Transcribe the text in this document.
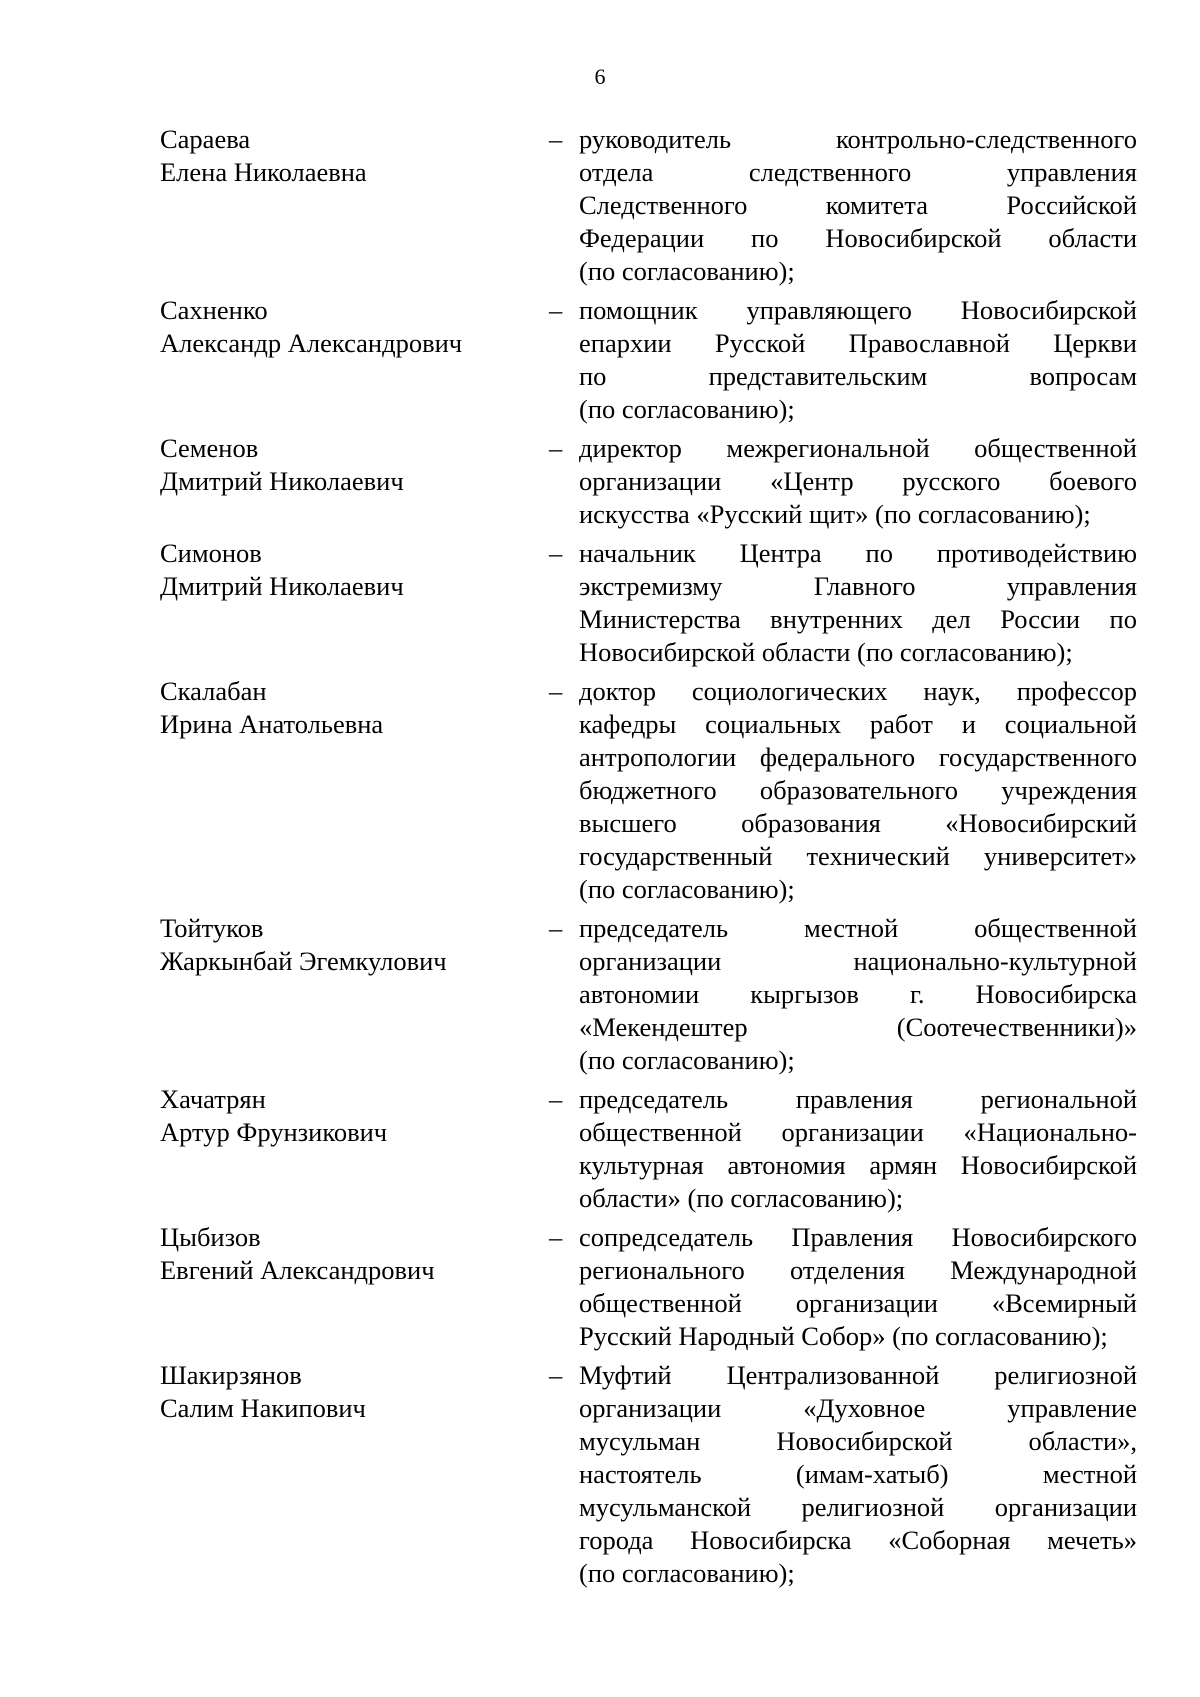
6
Сараева
Елена Николаевна
– руководитель контрольно-следственного
отдела следственного управления
Следственного комитета Российской
Федерации по Новосибирской области
(по согласованию);
Сахненко
Александр Александрович
– помощник управляющего Новосибирской
епархии Русской Православной Церкви
по представительским вопросам
(по согласованию);
Семенов
Дмитрий Николаевич
– директор межрегиональной общественной
организации «Центр русского боевого
искусства «Русский щит» (по согласованию);
Симонов
Дмитрий Николаевич
– начальник Центра по противодействию
экстремизму Главного управления
Министерства внутренних дел России по
Новосибирской области (по согласованию);
Скалабан
Ирина Анатольевна
– доктор социологических наук, профессор
кафедры социальных работ и социальной
антропологии федерального государственного
бюджетного образовательного учреждения
высшего образования «Новосибирский
государственный технический университет»
(по согласованию);
Тойтуков
Жаркынбай Эгемкулович
– председатель местной общественной
организации национально-культурной
автономии кыргызов г. Новосибирска
«Мекендештер (Соотечественники)»
(по согласованию);
Хачатрян
Артур Фрунзикович
– председатель правления региональной
общественной организации «Национально-
культурная автономия армян Новосибирской
области» (по согласованию);
Цыбизов
Евгений Александрович
– сопредседатель Правления Новосибирского
регионального отделения Международной
общественной организации «Всемирный
Русский Народный Собор» (по согласованию);
Шакирзянов
Салим Накипович
– Муфтий Централизованной религиозной
организации «Духовное управление
мусульман Новосибирской области»,
настоятель (имам-хатыб) местной
мусульманской религиозной организации
города Новосибирска «Соборная мечеть»
(по согласованию);
